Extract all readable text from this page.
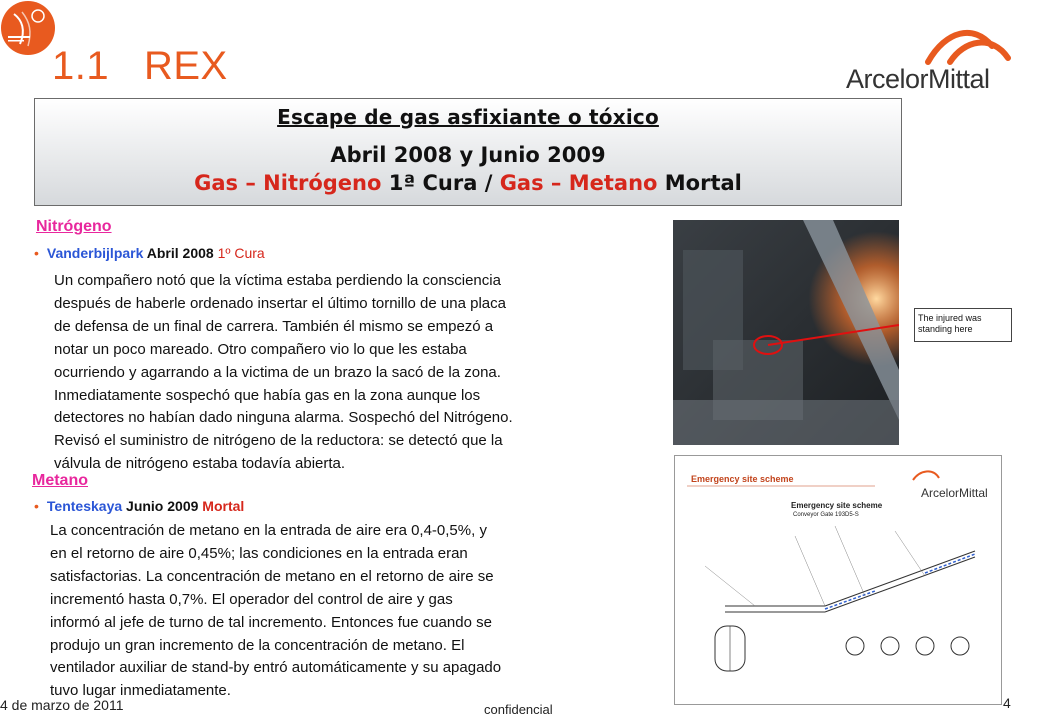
ArcelorMittal
1.1 REX
Escape de gas asfixiante o tóxico
Abril 2008 y Junio 2009
Gas – Nitrógeno 1ª Cura / Gas – Metano Mortal
Nitrógeno
• Vanderbijlpark Abril 2008 1º Cura
Un compañero notó que la víctima estaba perdiendo la consciencia
después de haberle ordenado insertar el último tornillo de una placa
de defensa de un final de carrera. También él mismo se empezó a
notar un poco mareado. Otro compañero vio lo que les estaba
ocurriendo y agarrando a la victima de un brazo la sacó de la zona.
Inmediatamente sospechó que había gas en la zona aunque los
detectores no habían dado ninguna alarma. Sospechó del Nitrógeno.
Revisó el suministro de nitrógeno de la reductora: se detectó que la
válvula de nitrógeno estaba todavía abierta.
Metano
• Tenteskaya Junio 2009 Mortal
La concentración de metano en la entrada de aire era 0,4-0,5%, y
en el retorno de aire 0,45%; las condiciones en la entrada eran
satisfactorias. La concentración de metano en el retorno de aire se
incrementó hasta 0,7%. El operador del control de aire y gas
informó al jefe de turno de tal incremento. Entonces fue cuando se
produjo un gran incremento de la concentración de metano. El
ventilador auxiliar de stand-by entró automáticamente y su apagado
tuvo lugar inmediatamente.
The injured was standing here
Emergency site scheme
Emergency site scheme
Conveyor Gate 193D5-S
ArcelorMittal
4 de marzo de 2011	confidencial	4
